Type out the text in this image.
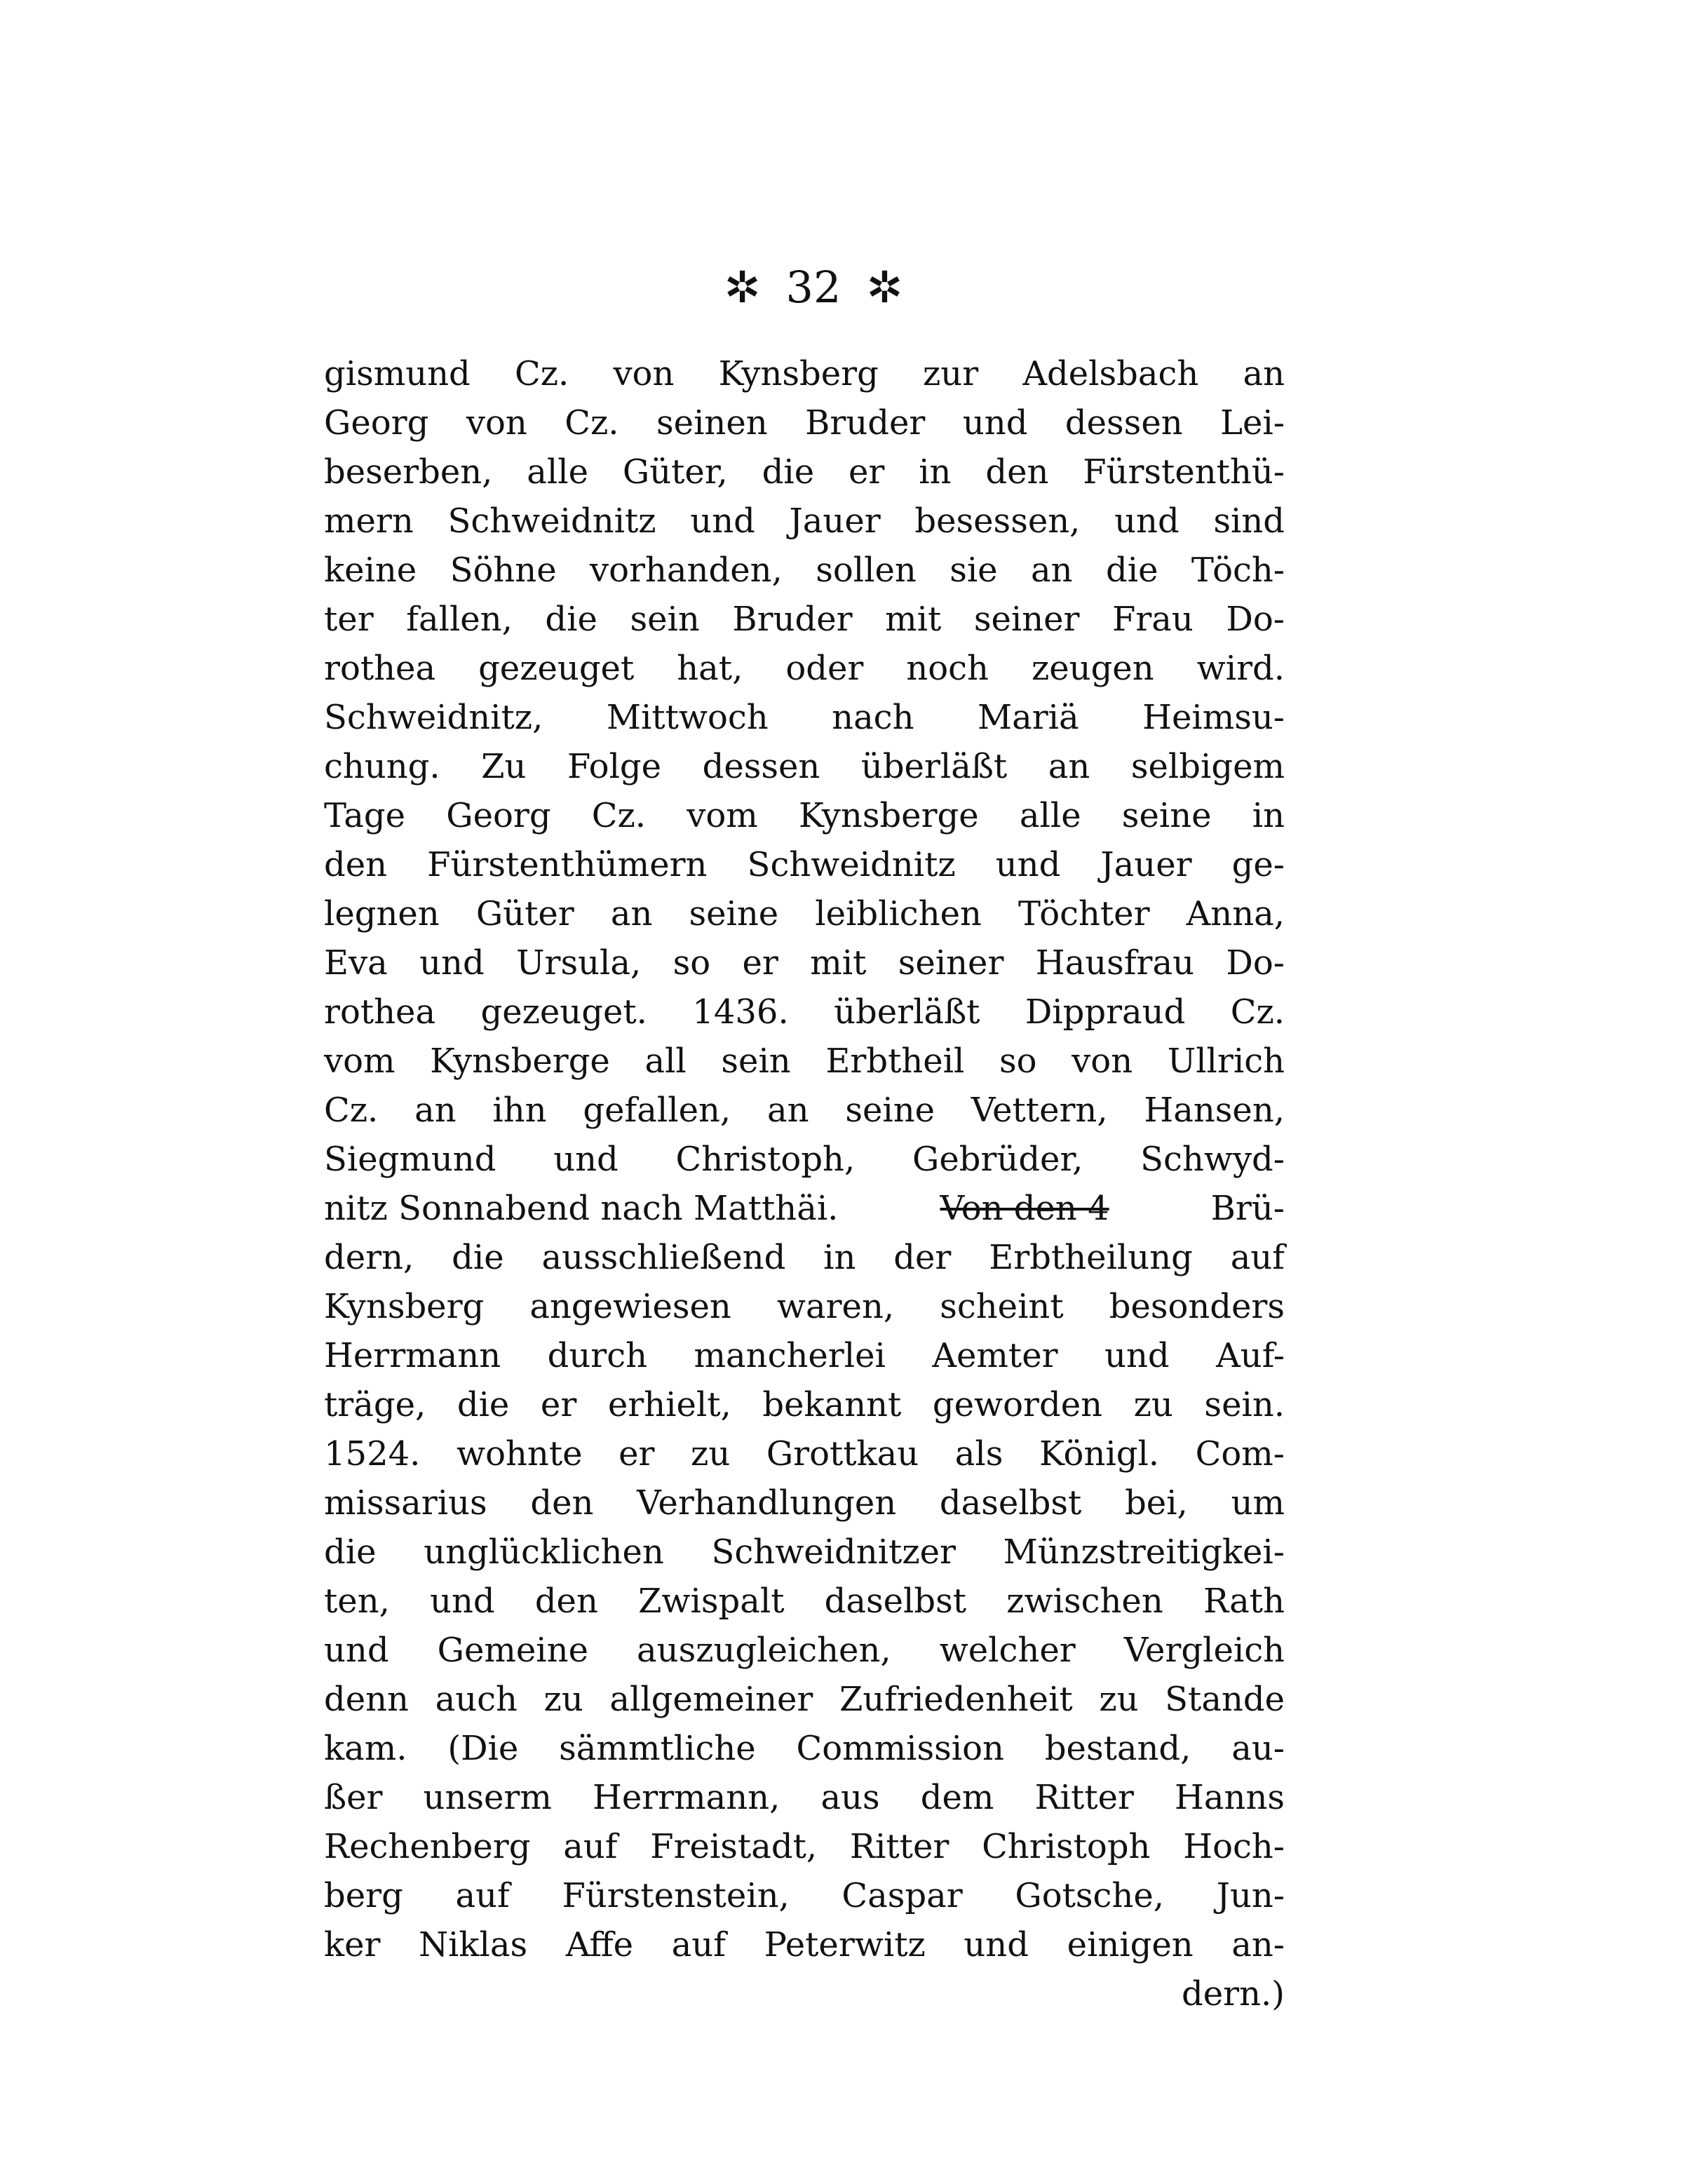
✲ 32 ✲
gismund Cz. von Kynsberg zur Adelsbach an
Georg von Cz. seinen Bruder und dessen Lei-
beserben, alle Güter, die er in den Fürstenthü-
mern Schweidnitz und Jauer besessen, und sind
keine Söhne vorhanden, sollen sie an die Töch-
ter fallen, die sein Bruder mit seiner Frau Do-
rothea gezeuget hat, oder noch zeugen wird.
Schweidnitz, Mittwoch nach Mariä Heimsu-
chung. Zu Folge dessen überläßt an selbigem
Tage Georg Cz. vom Kynsberge alle seine in
den Fürstenthümern Schweidnitz und Jauer ge-
legnen Güter an seine leiblichen Töchter Anna,
Eva und Ursula, so er mit seiner Hausfrau Do-
rothea gezeuget. 1436. überläßt Dippraud Cz.
vom Kynsberge all sein Erbtheil so von Ullrich
Cz. an ihn gefallen, an seine Vettern, Hansen,
Siegmund und Christoph, Gebrüder, Schwyd-
nitz Sonnabend nach Matthäi.	Von den 4	Brü-
dern, die ausschließend in der Erbtheilung auf
Kynsberg angewiesen waren, scheint besonders
Herrmann durch mancherlei Aemter und Auf-
träge, die er erhielt, bekannt geworden zu sein.
1524. wohnte er zu Grottkau als Königl. Com-
missarius den Verhandlungen daselbst bei, um
die unglücklichen Schweidnitzer Münzstreitigkei-
ten, und den Zwispalt daselbst zwischen Rath
und Gemeine auszugleichen, welcher Vergleich
denn auch zu allgemeiner Zufriedenheit zu Stande
kam. (Die sämmtliche Commission bestand, au-
ßer unserm Herrmann, aus dem Ritter Hanns
Rechenberg auf Freistadt, Ritter Christoph Hoch-
berg auf Fürstenstein, Caspar Gotsche, Jun-
ker Niklas Affe auf Peterwitz und einigen an-
dern.)
